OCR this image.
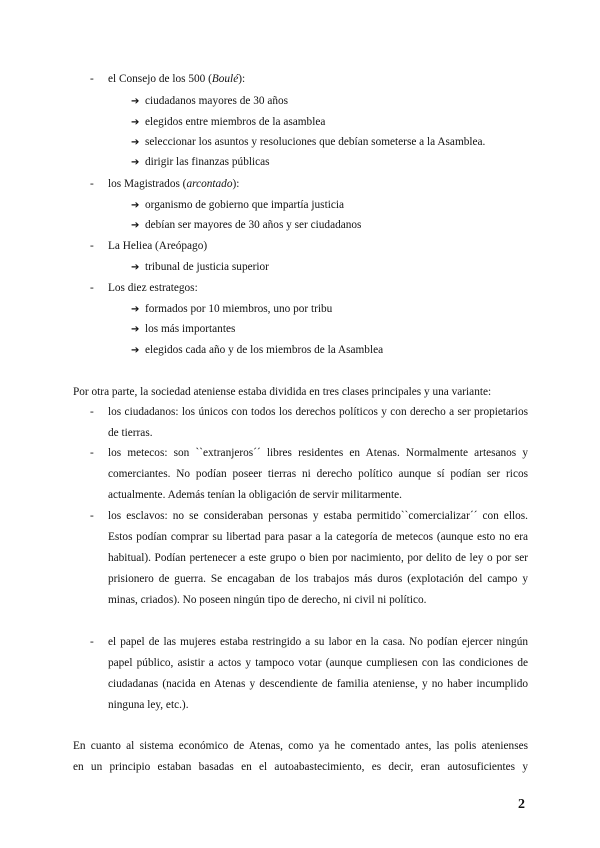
- el Consejo de los 500 (Boulé):
➔ ciudadanos mayores de 30 años
➔ elegidos entre miembros de la asamblea
➔ seleccionar los asuntos y resoluciones que debían someterse a la Asamblea.
➔ dirigir las finanzas públicas
- los Magistrados (arcontado):
➔ organismo de gobierno que impartía justicia
➔ debían ser mayores de 30 años y ser ciudadanos
- La Heliea (Areópago)
➔ tribunal de justicia superior
- Los diez estrategos:
➔ formados por 10 miembros, uno por tribu
➔ los más importantes
➔ elegidos cada año y de los miembros de la Asamblea
Por otra parte, la sociedad ateniense estaba dividida en tres clases principales y una variante:
- los ciudadanos: los únicos con todos los derechos políticos y con derecho a ser propietarios de tierras.
- los metecos: son ``extranjeros´´ libres residentes en Atenas. Normalmente artesanos y comerciantes. No podían poseer tierras ni derecho político aunque sí podían ser ricos actualmente. Además tenían la obligación de servir militarmente.
- los esclavos: no se consideraban personas y estaba permitido``comercializar´´ con ellos. Estos podían comprar su libertad para pasar a la categoría de metecos (aunque esto no era habitual). Podían pertenecer a este grupo o bien por nacimiento, por delito de ley o por ser prisionero de guerra. Se encagaban de los trabajos más duros (explotación del campo y minas, criados). No poseen ningún tipo de derecho, ni civil ni político.
- el papel de las mujeres estaba restringido a su labor en la casa. No podían ejercer ningún papel público, asistir a actos y tampoco votar (aunque cumpliesen con las condiciones de ciudadanas (nacida en Atenas y descendiente de familia ateniense, y no haber incumplido ninguna ley, etc.).
En cuanto al sistema económico de Atenas, como ya he comentado antes, las polis atenienses
en un principio estaban basadas en el autoabastecimiento, es decir, eran autosuficientes y
2
